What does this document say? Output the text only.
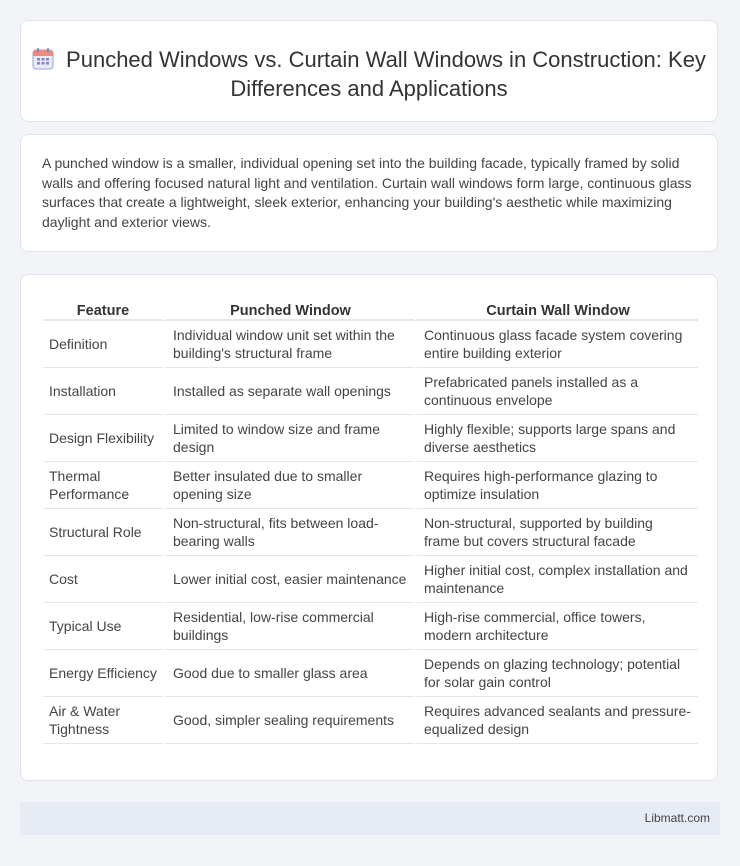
Punched Windows vs. Curtain Wall Windows in Construction: Key Differences and Applications

A punched window is a smaller, individual opening set into the building facade, typically framed by solid walls and offering focused natural light and ventilation. Curtain wall windows form large, continuous glass surfaces that create a lightweight, sleek exterior, enhancing your building's aesthetic while maximizing daylight and exterior views.

Feature	Punched Window	Curtain Wall Window
Definition	Individual window unit set within the building's structural frame	Continuous glass facade system covering entire building exterior
Installation	Installed as separate wall openings	Prefabricated panels installed as a continuous envelope
Design Flexibility	Limited to window size and frame design	Highly flexible; supports large spans and diverse aesthetics
Thermal Performance	Better insulated due to smaller opening size	Requires high-performance glazing to optimize insulation
Structural Role	Non-structural, fits between load-bearing walls	Non-structural, supported by building frame but covers structural facade
Cost	Lower initial cost, easier maintenance	Higher initial cost, complex installation and maintenance
Typical Use	Residential, low-rise commercial buildings	High-rise commercial, office towers, modern architecture
Energy Efficiency	Good due to smaller glass area	Depends on glazing technology; potential for solar gain control
Air & Water Tightness	Good, simpler sealing requirements	Requires advanced sealants and pressure-equalized design
Libmatt.com
